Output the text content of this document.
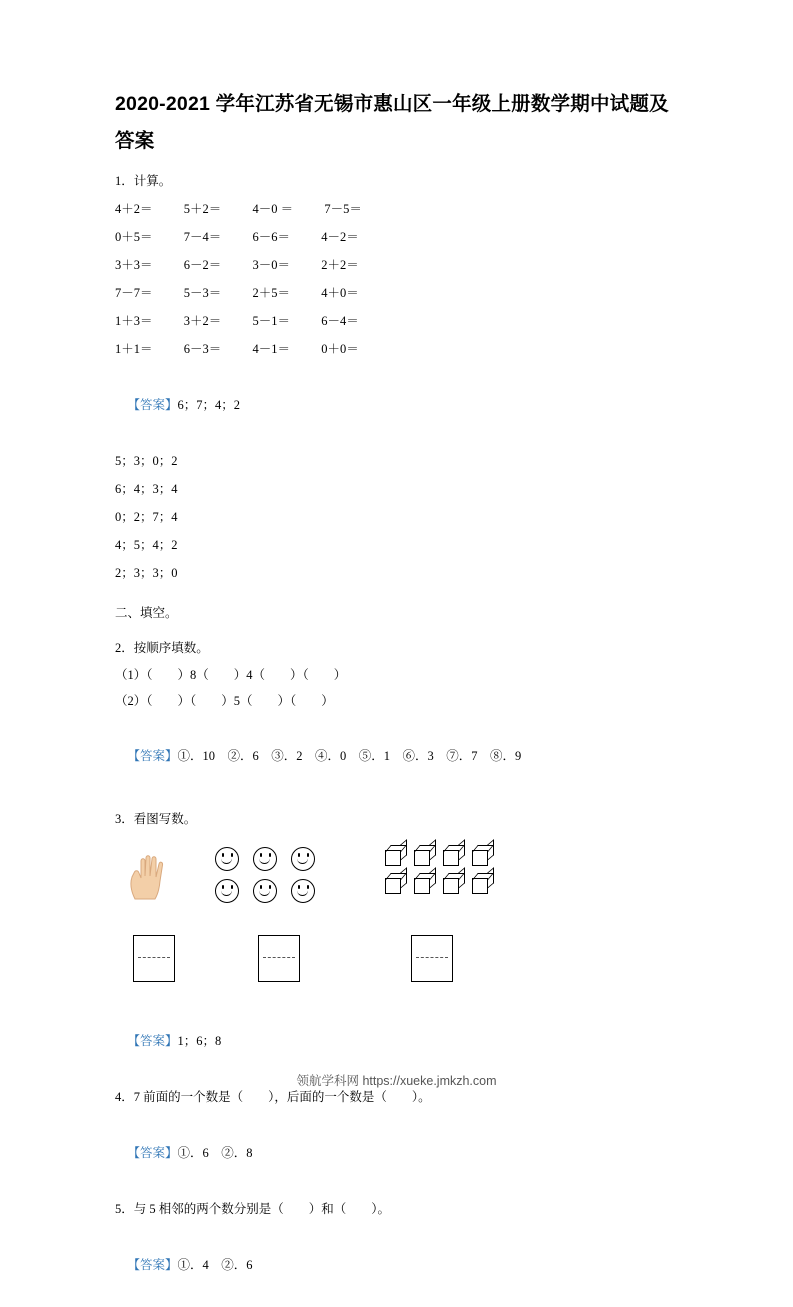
2020-2021 学年江苏省无锡市惠山区一年级上册数学期中试题及答案
1．计算。
4＋2＝          5＋2＝          4－0 ＝          7－5＝
0＋5＝          7－4＝          6－6＝          4－2＝
3＋3＝          6－2＝          3－0＝          2＋2＝
7－7＝          5－3＝          2＋5＝          4＋0＝
1＋3＝          3＋2＝          5－1＝          6－4＝
1＋1＝          6－3＝          4－1＝          0＋0＝

【答案】6；7；4；2

5；3；0；2
6；4；3；4
0；2；7；4
4；5；4；2
2；3；3；0
二、填空。
2．按顺序填数。
（1）（        ）8（        ）4（        ）（        ）
（2）（        ）（        ）5（        ）（        ）

【答案】①．10    ②．6    ③．2    ④．0    ⑤．1    ⑥．3    ⑦．7    ⑧．9

3．看图写数。

【答案】1；6；8

4．7 前面的一个数是（        ），后面的一个数是（        ）。

【答案】①．6    ②．8

5．与 5 相邻的两个数分别是（        ）和（        ）。

【答案】①．4    ②．6

领航学科网 https://xueke.jmkzh.com
